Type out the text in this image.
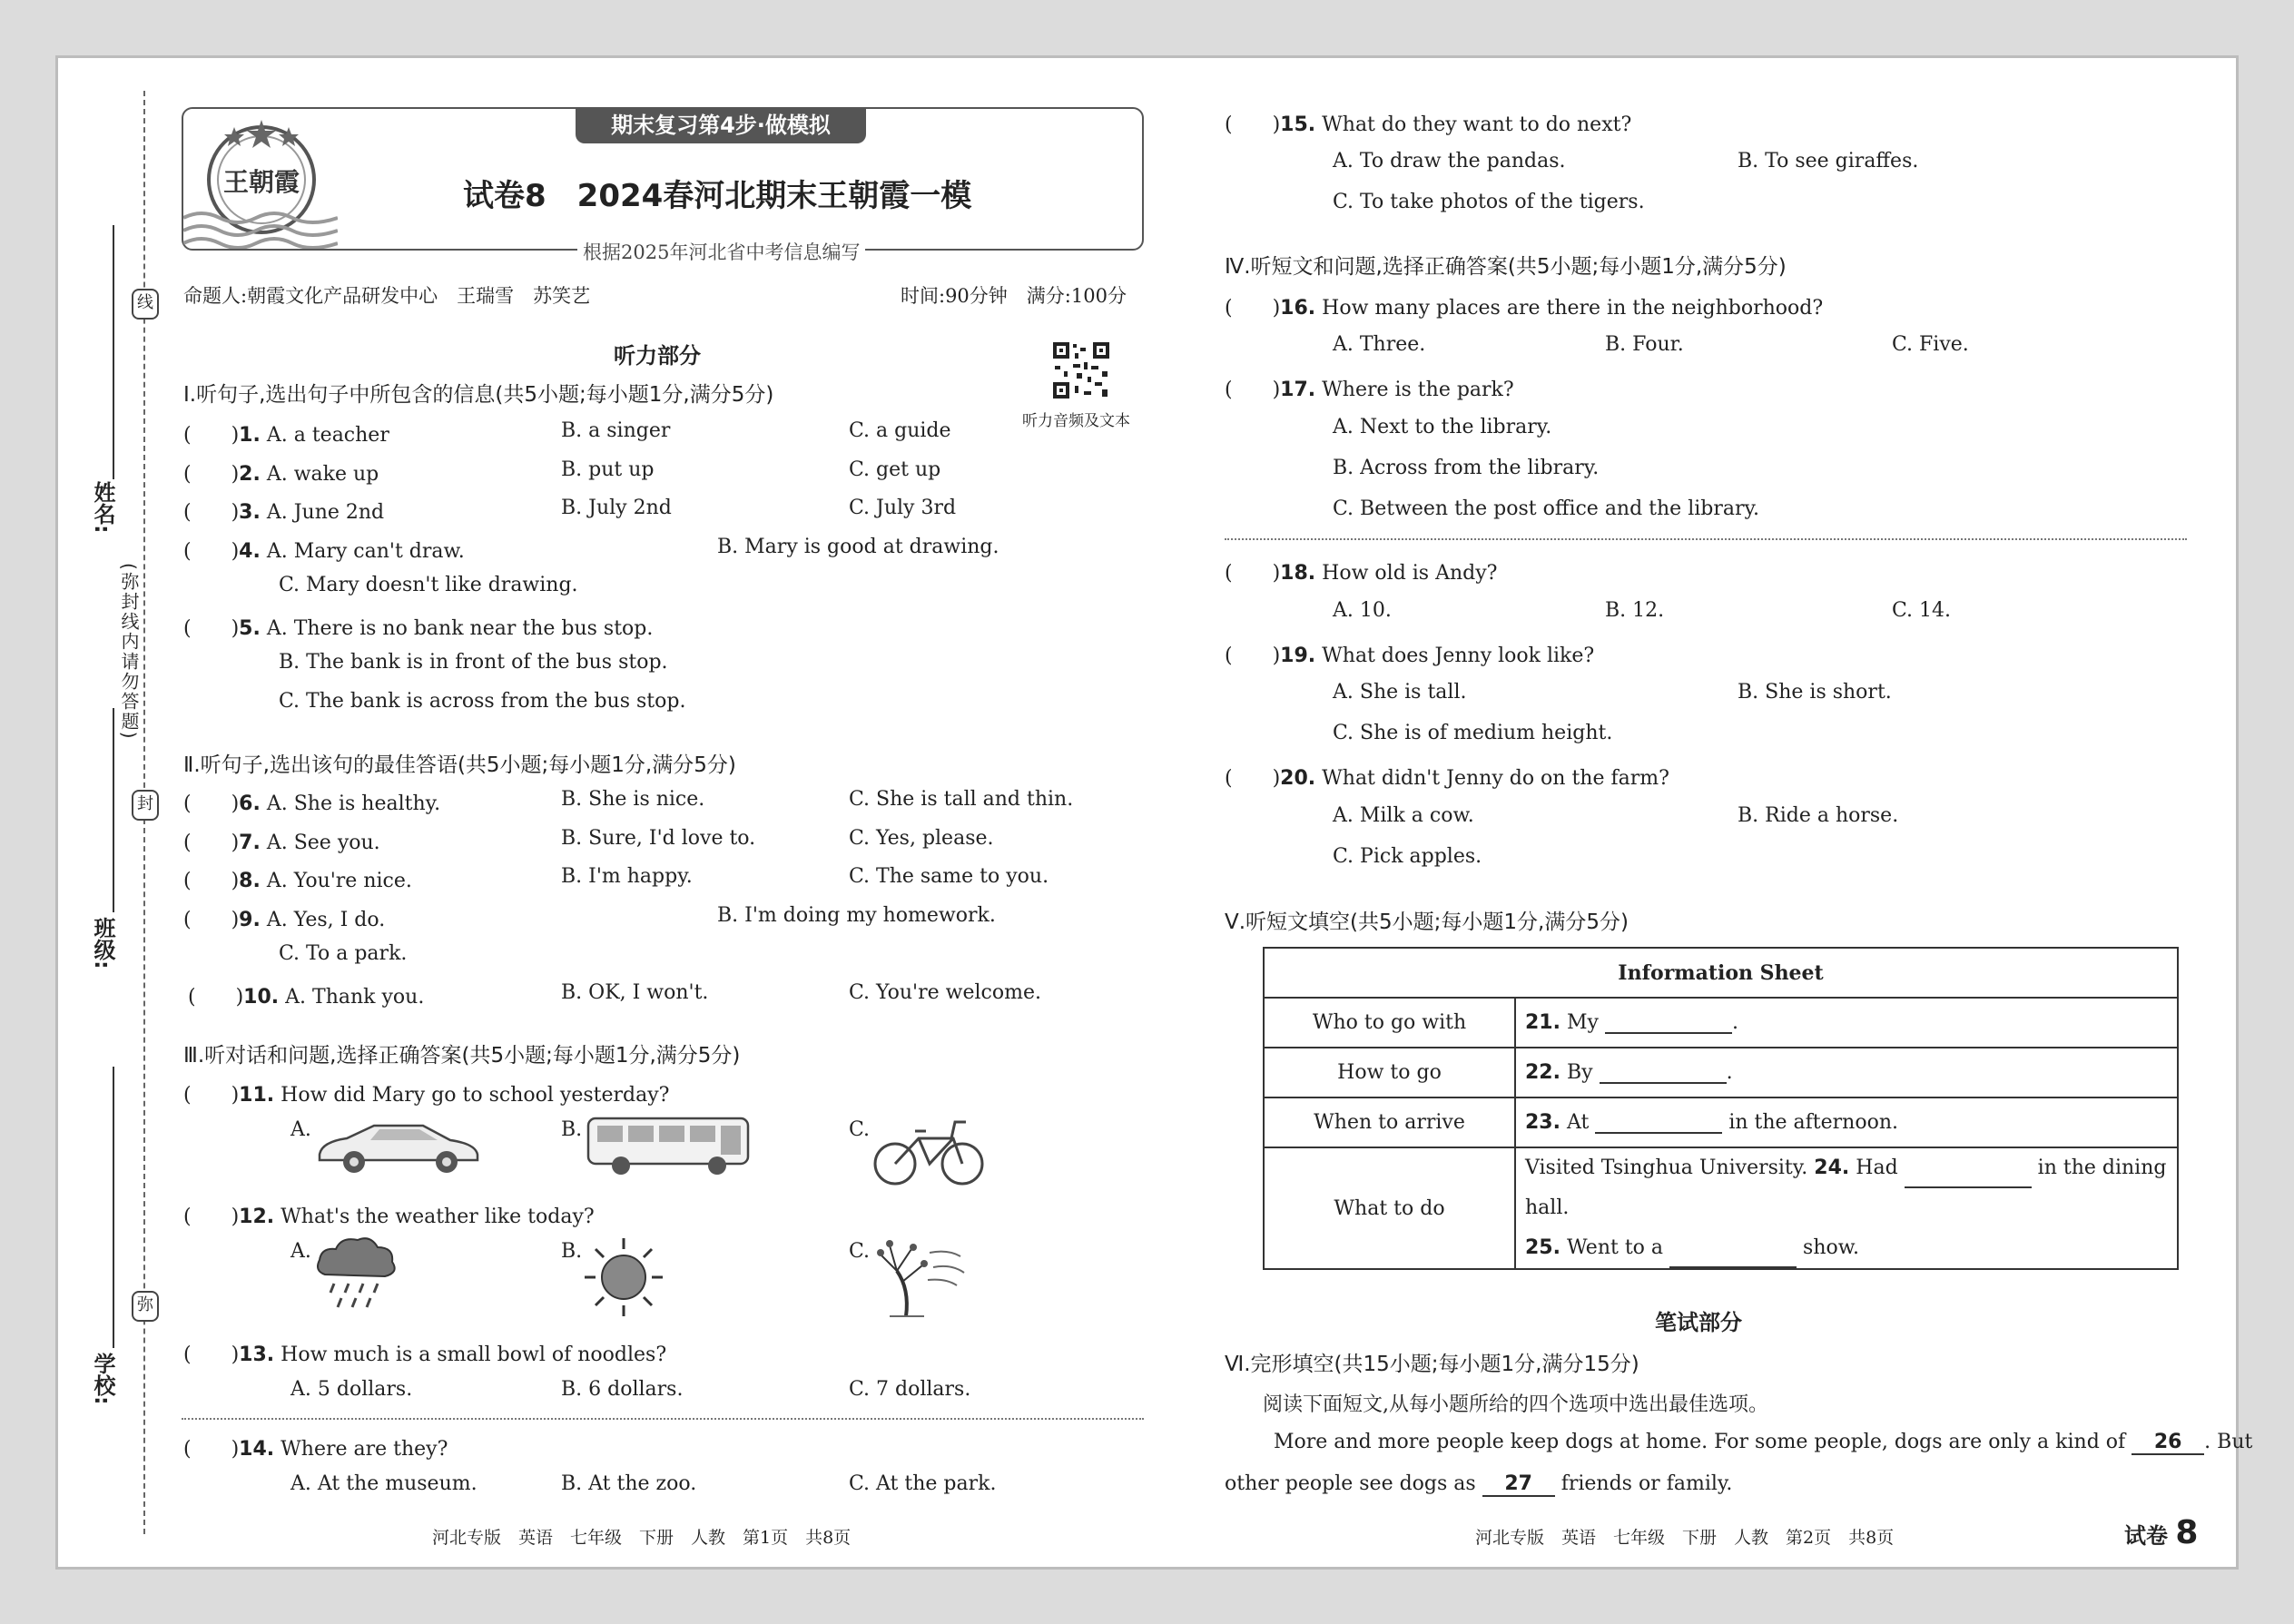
线
封
弥
(弥封线内请勿答题)
姓名:
班级:
学校:
期末复习第4步·做模拟
王朝霞	试卷8　2024春河北期末王朝霞一模
根据2025年河北省中考信息编写
命题人:朝霞文化产品研发中心　王瑞雪　苏笑艺	时间:90分钟　满分:100分
听力音频及文本
听力部分
Ⅰ.听句子,选出句子中所包含的信息(共5小题;每小题1分,满分5分)
(　　)1. A. a teacher	B. a singer	C. a guide
(　　)2. A. wake up	B. put up	C. get up
(　　)3. A. June 2nd	B. July 2nd	C. July 3rd
(　　)4. A. Mary can't draw.	B. Mary is good at drawing.
C. Mary doesn't like drawing.
(　　)5. A. There is no bank near the bus stop.
B. The bank is in front of the bus stop.
C. The bank is across from the bus stop.
Ⅱ.听句子,选出该句的最佳答语(共5小题;每小题1分,满分5分)
(　　)6. A. She is healthy.	B. She is nice.	C. She is tall and thin.
(　　)7. A. See you.	B. Sure, I'd love to.	C. Yes, please.
(　　)8. A. You're nice.	B. I'm happy.	C. The same to you.
(　　)9. A. Yes, I do.	B. I'm doing my homework.
C. To a park.
(　　)10. A. Thank you.	B. OK, I won't.	C. You're welcome.
Ⅲ.听对话和问题,选择正确答案(共5小题;每小题1分,满分5分)
(　　)11. How did Mary go to school yesterday?
A.	B.	C.
(　　)12. What's the weather like today?
A.	B.	C.
(　　)13. How much is a small bowl of noodles?
A. 5 dollars.	B. 6 dollars.	C. 7 dollars.
(　　)14. Where are they?
A. At the museum.	B. At the zoo.	C. At the park.
河北专版　英语　七年级　下册　人教　第1页　共8页
(　　)15. What do they want to do next?
A. To draw the pandas.	B. To see giraffes.
C. To take photos of the tigers.
Ⅳ.听短文和问题,选择正确答案(共5小题;每小题1分,满分5分)
(　　)16. How many places are there in the neighborhood?
A. Three.	B. Four.	C. Five.
(　　)17. Where is the park?
A. Next to the library.
B. Across from the library.
C. Between the post office and the library.
(　　)18. How old is Andy?
A. 10.	B. 12.	C. 14.
(　　)19. What does Jenny look like?
A. She is tall.	B. She is short.
C. She is of medium height.
(　　)20. What didn't Jenny do on the farm?
A. Milk a cow.	B. Ride a horse.
C. Pick apples.
Ⅴ.听短文填空(共5小题;每小题1分,满分5分)
Information Sheet	
Who to go with	21. My .
How to go	22. By .
When to arrive	23. At in the afternoon.
What to do	Visited Tsinghua University. 24. Had in the dining hall.
25. Went to a show.
笔试部分
Ⅵ.完形填空(共15小题;每小题1分,满分15分)
阅读下面短文,从每小题所给的四个选项中选出最佳选项。
More and more people keep dogs at home. For some people, dogs are only a kind of 26 . But
other people see dogs as 27 friends or family.
河北专版　英语　七年级　下册　人教　第2页　共8页	试卷 8
